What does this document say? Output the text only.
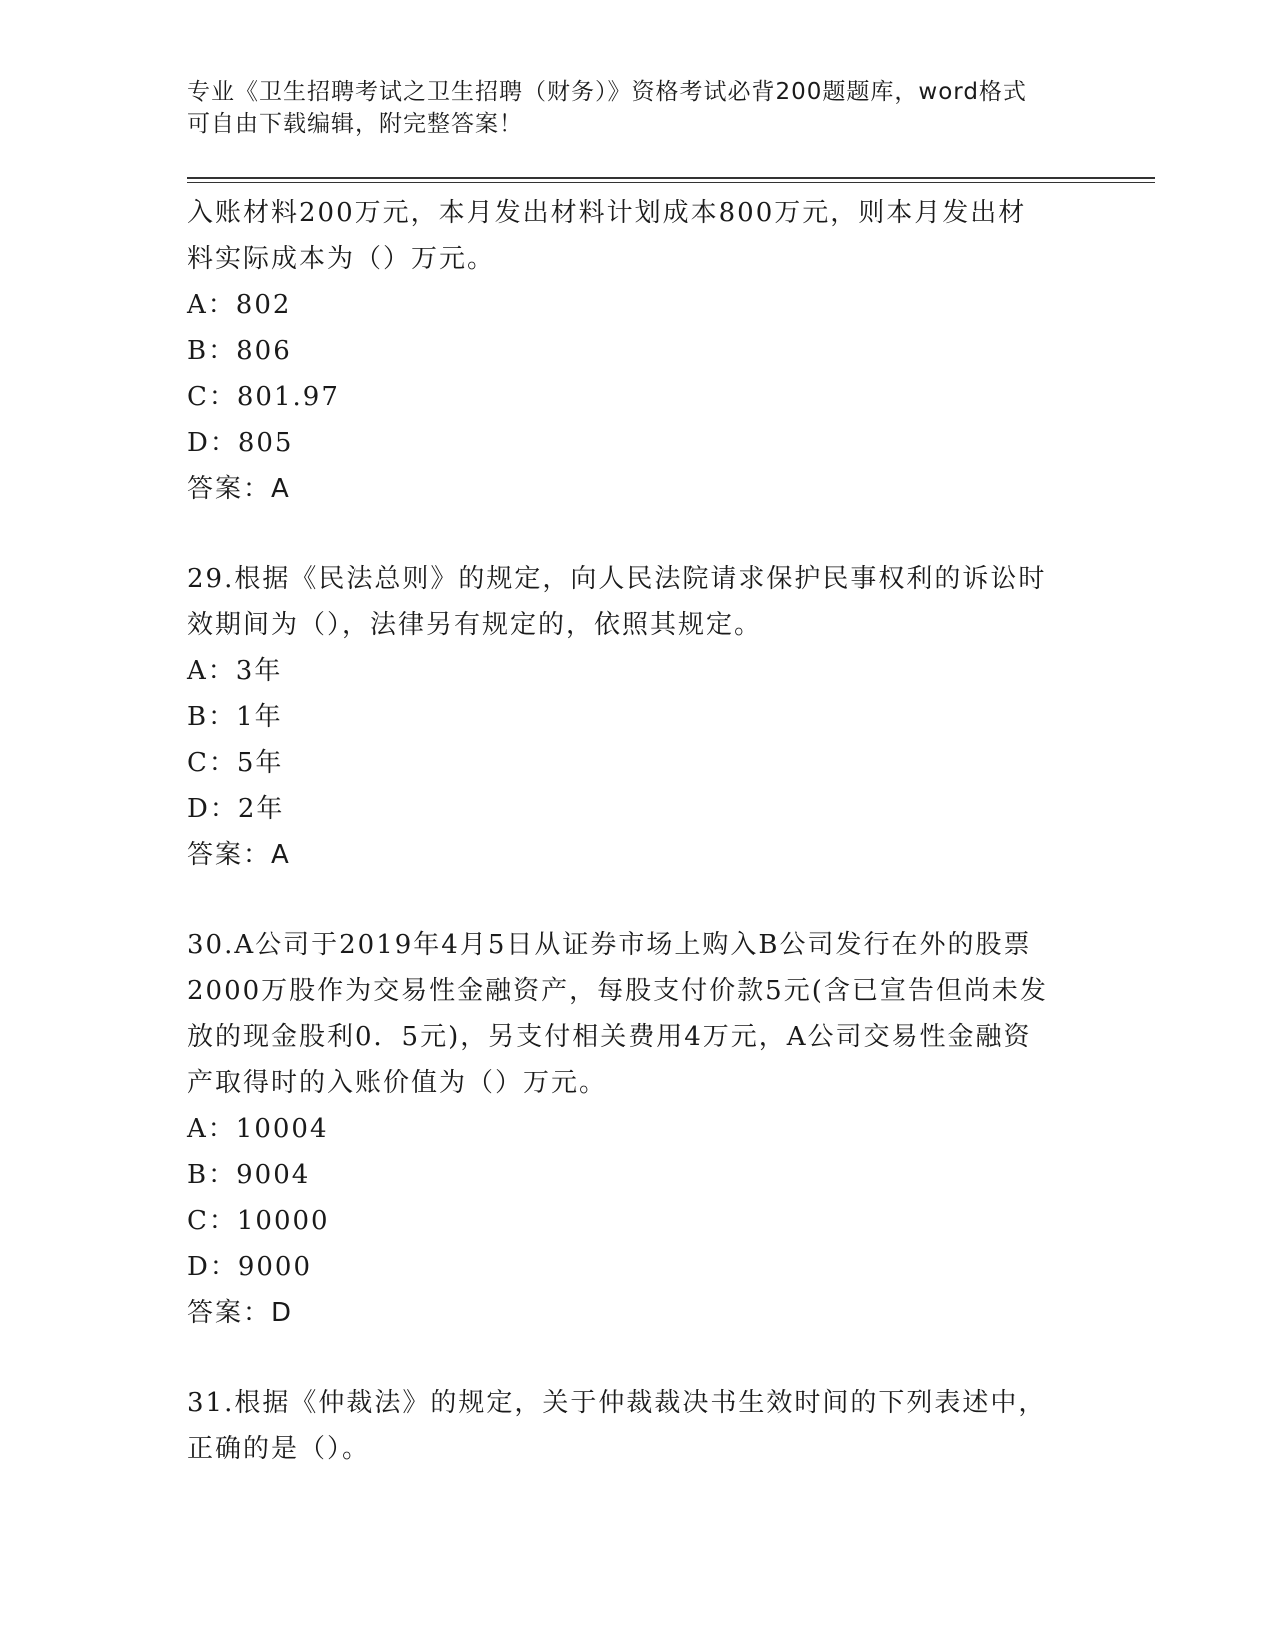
专业《卫生招聘考试之卫生招聘（财务）》资格考试必背200题题库，word格式
可自由下载编辑，附完整答案！
入账材料200万元，本月发出材料计划成本800万元，则本月发出材
料实际成本为（）万元。
A：802
B：806
C：801.97
D：805
答案：A
29.根据《民法总则》的规定，向人民法院请求保护民事权利的诉讼时
效期间为（），法律另有规定的，依照其规定。
A：3年
B：1年
C：5年
D：2年
答案：A
30.A公司于2019年4月5日从证券市场上购入B公司发行在外的股票
2000万股作为交易性金融资产，每股支付价款5元(含已宣告但尚未发
放的现金股利0．5元)，另支付相关费用4万元，A公司交易性金融资
产取得时的入账价值为（）万元。
A：10004
B：9004
C：10000
D：9000
答案：D
31.根据《仲裁法》的规定，关于仲裁裁决书生效时间的下列表述中，
正确的是（）。
